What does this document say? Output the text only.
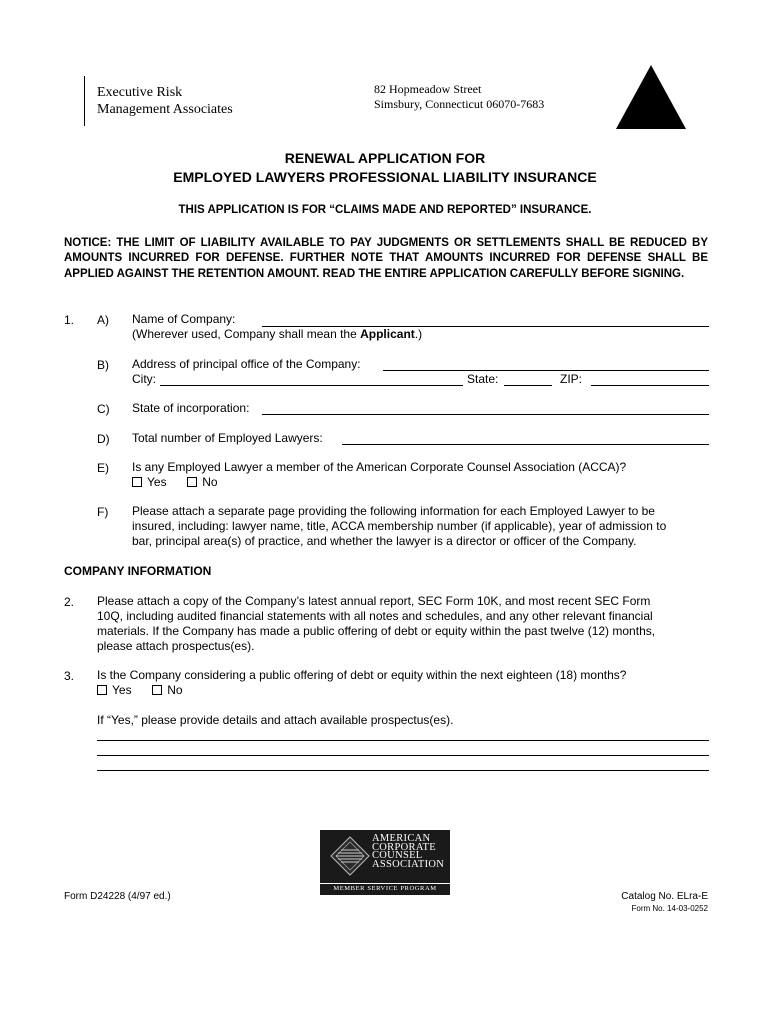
Executive Risk
Management Associates
82 Hopmeadow Street
Simsbury, Connecticut 06070-7683
RENEWAL APPLICATION FOR
EMPLOYED LAWYERS PROFESSIONAL LIABILITY INSURANCE
THIS APPLICATION IS FOR “CLAIMS MADE AND REPORTED” INSURANCE.
NOTICE: THE LIMIT OF LIABILITY AVAILABLE TO PAY JUDGMENTS OR SETTLEMENTS SHALL BE REDUCED BY AMOUNTS INCURRED FOR DEFENSE. FURTHER NOTE THAT AMOUNTS INCURRED FOR DEFENSE SHALL BE APPLIED AGAINST THE RETENTION AMOUNT. READ THE ENTIRE APPLICATION CAREFULLY BEFORE SIGNING.
1. A) Name of Company:
(Wherever used, Company shall mean the Applicant.)
B) Address of principal office of the Company:
City:	State:	ZIP:
C) State of incorporation:
D) Total number of Employed Lawyers:
E) Is any Employed Lawyer a member of the American Corporate Counsel Association (ACCA)?
Yes	No
F) Please attach a separate page providing the following information for each Employed Lawyer to be
insured, including: lawyer name, title, ACCA membership number (if applicable), year of admission to
bar, principal area(s) of practice, and whether the lawyer is a director or officer of the Company.
COMPANY INFORMATION
2. Please attach a copy of the Company’s latest annual report, SEC Form 10K, and most recent SEC Form
10Q, including audited financial statements with all notes and schedules, and any other relevant financial
materials. If the Company has made a public offering of debt or equity within the past twelve (12) months,
please attach prospectus(es).
3. Is the Company considering a public offering of debt or equity within the next eighteen (18) months?
Yes	No
If “Yes,” please provide details and attach available prospectus(es).
AMERICAN
CORPORATE
COUNSEL
ASSOCIATION
MEMBER SERVICE PROGRAM
Form D24228 (4/97 ed.)	Catalog No. ELra-E
Form No. 14-03-0252
